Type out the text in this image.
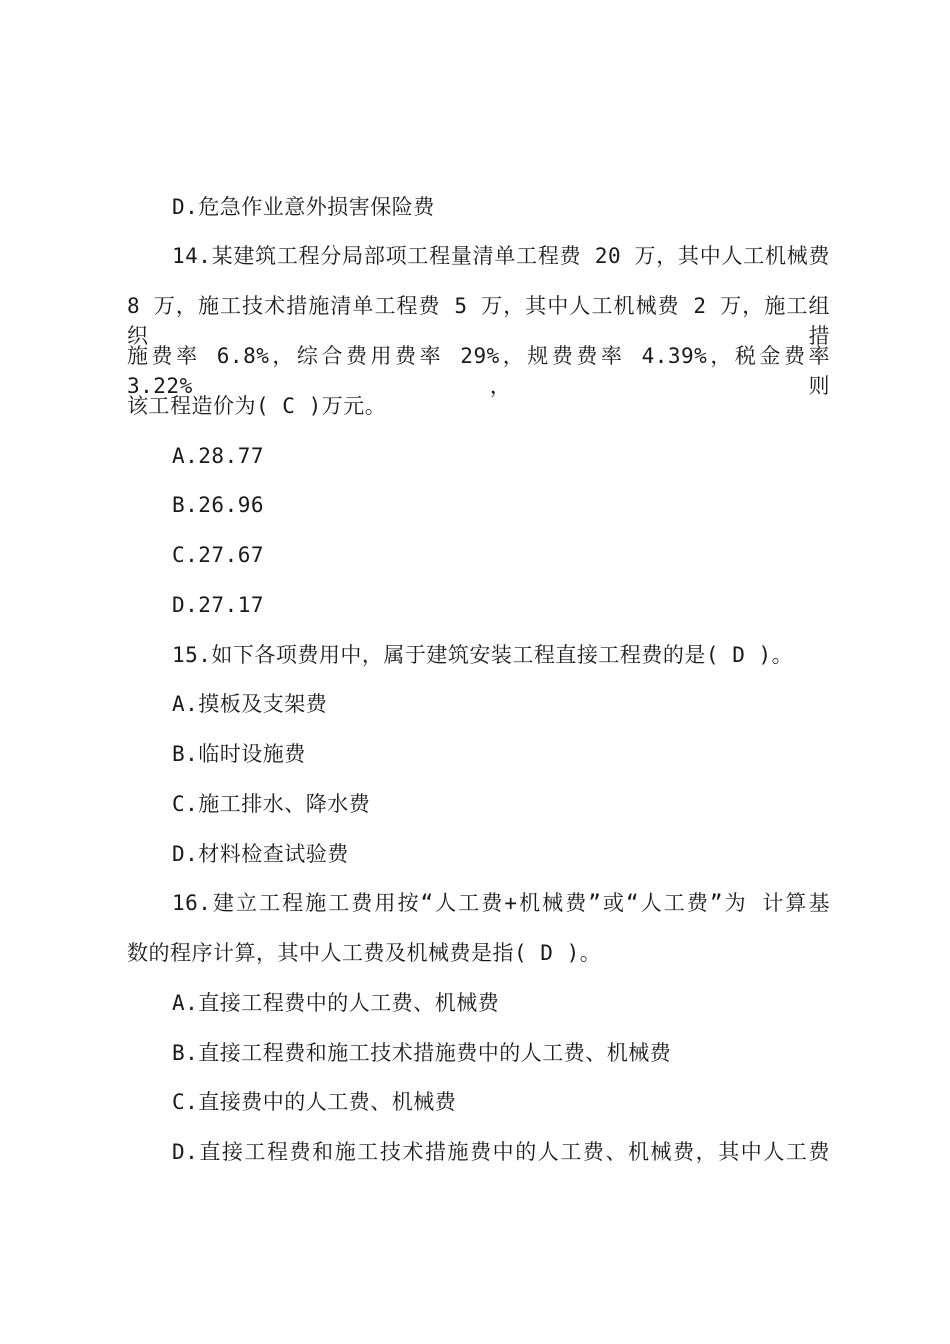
D.危急作业意外损害保险费
14.某建筑工程分局部项工程量清单工程费 20 万，其中人工机械费
8 万，施工技术措施清单工程费 5 万，其中人工机械费 2 万，施工组织措
施费率 6.8%，综合费用费率 29%，规费费率 4.39%，税金费率 3.22%，则
该工程造价为( C )万元。
A.28.77
B.26.96
C.27.67
D.27.17
15.如下各项费用中，属于建筑安装工程直接工程费的是( D )。
A.摸板及支架费
B.临时设施费
C.施工排水、降水费
D.材料检查试验费
16.建立工程施工费用按“人工费+机械费”或“人工费”为 计算基
数的程序计算，其中人工费及机械费是指( D )。
A.直接工程费中的人工费、机械费
B.直接工程费和施工技术措施费中的人工费、机械费
C.直接费中的人工费、机械费
D.直接工程费和施工技术措施费中的人工费、机械费，其中人工费
